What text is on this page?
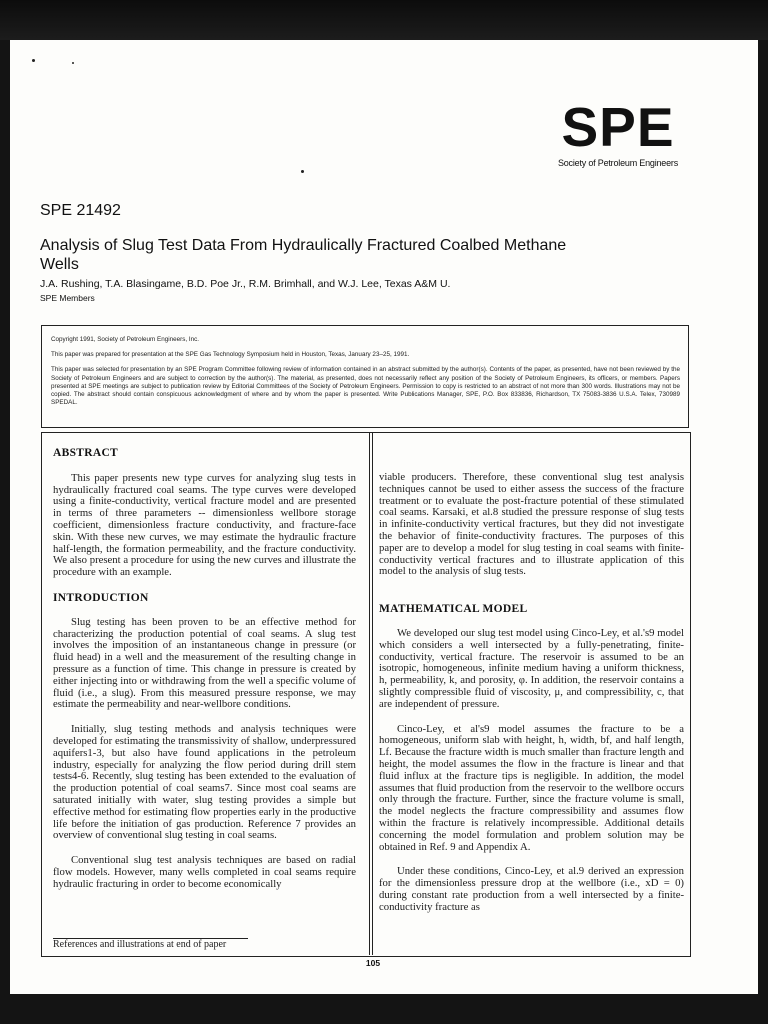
SPE
Society of Petroleum Engineers
SPE 21492
Analysis of Slug Test Data From Hydraulically Fractured Coalbed Methane Wells
J.A. Rushing, T.A. Blasingame, B.D. Poe Jr., R.M. Brimhall, and W.J. Lee, Texas A&M U.
SPE Members

Copyright 1991, Society of Petroleum Engineers, Inc.

This paper was prepared for presentation at the SPE Gas Technology Symposium held in Houston, Texas, January 23–25, 1991.

This paper was selected for presentation by an SPE Program Committee following review of information contained in an abstract submitted by the author(s). Contents of the paper, as presented, have not been reviewed by the Society of Petroleum Engineers and are subject to correction by the author(s). The material, as presented, does not necessarily reflect any position of the Society of Petroleum Engineers, its officers, or members. Papers presented at SPE meetings are subject to publication review by Editorial Committees of the Society of Petroleum Engineers. Permission to copy is restricted to an abstract of not more than 300 words. Illustrations may not be copied. The abstract should contain conspicuous acknowledgment of where and by whom the paper is presented. Write Publications Manager, SPE, P.O. Box 833836, Richardson, TX 75083-3836 U.S.A. Telex, 730989 SPEDAL.

ABSTRACT

This paper presents new type curves for analyzing slug tests in hydraulically fractured coal seams. The type curves were developed using a finite-conductivity, vertical fracture model and are presented in terms of three parameters -- dimensionless wellbore storage coefficient, dimensionless fracture conductivity, and fracture-face skin. With these new curves, we may estimate the hydraulic fracture half-length, the formation permeability, and the fracture conductivity. We also present a procedure for using the new curves and illustrate the procedure with an example.

INTRODUCTION

Slug testing has been proven to be an effective method for characterizing the production potential of coal seams. A slug test involves the imposition of an instantaneous change in pressure (or fluid head) in a well and the measurement of the resulting change in pressure as a function of time. This change in pressure is created by either injecting into or withdrawing from the well a specific volume of fluid (i.e., a slug). From this measured pressure response, we may estimate the permeability and near-wellbore conditions.

Initially, slug testing methods and analysis techniques were developed for estimating the transmissivity of shallow, underpressured aquifers1-3, but also have found applications in the petroleum industry, especially for analyzing the flow period during drill stem tests4-6. Recently, slug testing has been extended to the evaluation of the production potential of coal seams7. Since most coal seams are saturated initially with water, slug testing provides a simple but effective method for estimating flow properties early in the productive life before the initiation of gas production. Reference 7 provides an overview of conventional slug testing in coal seams.

Conventional slug test analysis techniques are based on radial flow models. However, many wells completed in coal seams require hydraulic fracturing in order to become economically

viable producers. Therefore, these conventional slug test analysis techniques cannot be used to either assess the success of the fracture treatment or to evaluate the post-fracture potential of these stimulated coal seams. Karsaki, et al.8 studied the pressure response of slug tests in infinite-conductivity vertical fractures, but they did not investigate the behavior of finite-conductivity fractures. The purposes of this paper are to develop a model for slug testing in coal seams with finite-conductivity vertical fractures and to illustrate application of this model to the analysis of slug tests.

MATHEMATICAL MODEL

We developed our slug test model using Cinco-Ley, et al.'s9 model which considers a well intersected by a fully-penetrating, finite-conductivity, vertical fracture. The reservoir is assumed to be an isotropic, homogeneous, infinite medium having a uniform thickness, h, permeability, k, and porosity, φ. In addition, the reservoir contains a slightly compressible fluid of viscosity, μ, and compressibility, c, that are independent of pressure.

Cinco-Ley, et al's9 model assumes the fracture to be a homogeneous, uniform slab with height, h, width, bf, and half length, Lf. Because the fracture width is much smaller than fracture length and height, the model assumes the flow in the fracture is linear and that fluid influx at the fracture tips is negligible. In addition, the model assumes that fluid production from the reservoir to the wellbore occurs only through the fracture. Further, since the fracture volume is small, the model neglects the fracture compressibility and assumes flow within the fracture is relatively incompressible. Additional details concerning the model formulation and problem solution may be obtained in Ref. 9 and Appendix A.

Under these conditions, Cinco-Ley, et al.9 derived an expression for the dimensionless pressure drop at the wellbore (i.e., xD = 0) during constant rate production from a well intersected by a finite-conductivity fracture as

References and illustrations at end of paper
105
